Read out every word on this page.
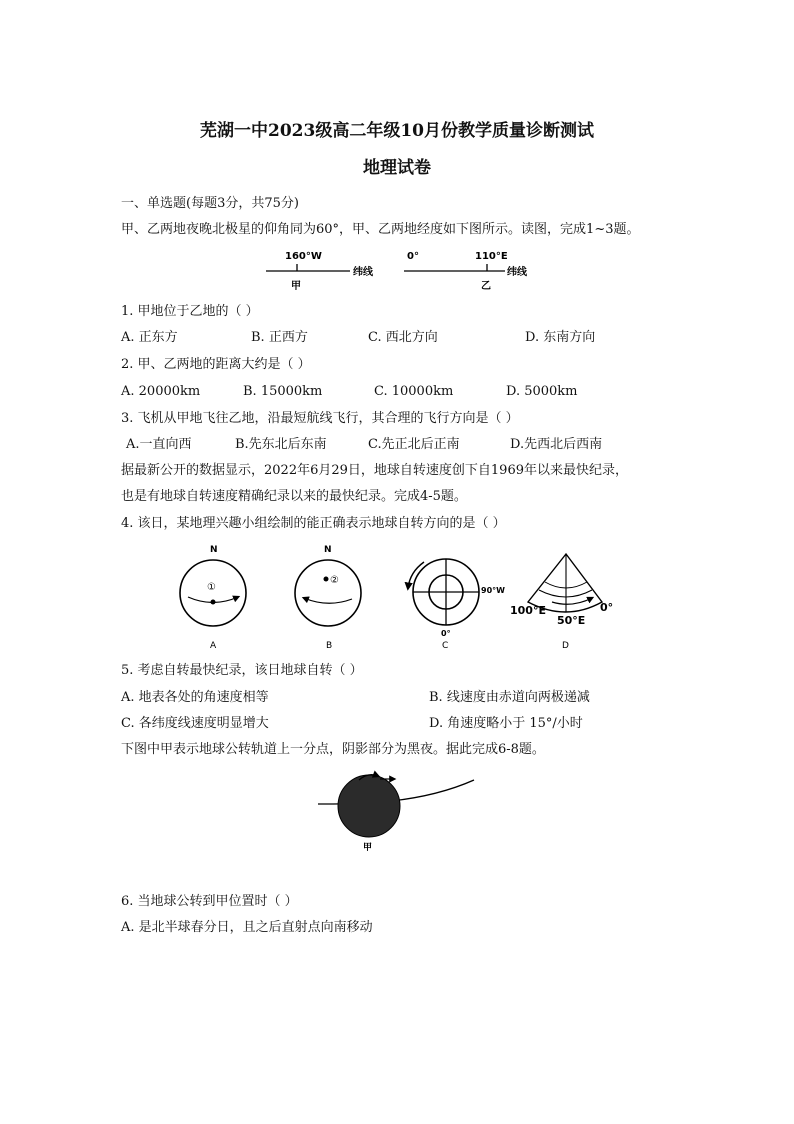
芜湖一中2023级高二年级10月份教学质量诊断测试
地理试卷
一、单选题(每题3分，共75分)
甲、乙两地夜晚北极星的仰角同为60°，甲、乙两地经度如下图所示。读图，完成1~3题。
160°W
纬线
甲
0°	110°E
纬线
乙
1. 甲地位于乙地的（ ）
A. 正东方	B. 正西方	C. 西北方向	D. 东南方向
2. 甲、乙两地的距离大约是（ ）
A. 20000km	B. 15000km	C. 10000km	D. 5000km
3. 飞机从甲地飞往乙地，沿最短航线飞行，其合理的飞行方向是（ ）
A.一直向西	B.先东北后东南	C.先正北后正南	D.先西北后西南
据最新公开的数据显示，2022年6月29日，地球自转速度创下自1969年以来最快纪录，
也是有地球自转速度精确纪录以来的最快纪录。完成4-5题。
4. 该日，某地理兴趣小组绘制的能正确表示地球自转方向的是（ ）
N
①
A
N
②
B
90°W
0°
C
100°E
50°E
0°
D
5. 考虑自转最快纪录，该日地球自转（ ）
A. 地表各处的角速度相等	B. 线速度由赤道向两极递减
C. 各纬度线速度明显增大	D. 角速度略小于 15°/小时
下图中甲表示地球公转轨道上一分点，阴影部分为黑夜。据此完成6-8题。
甲
6. 当地球公转到甲位置时（ ）
A. 是北半球春分日，且之后直射点向南移动
